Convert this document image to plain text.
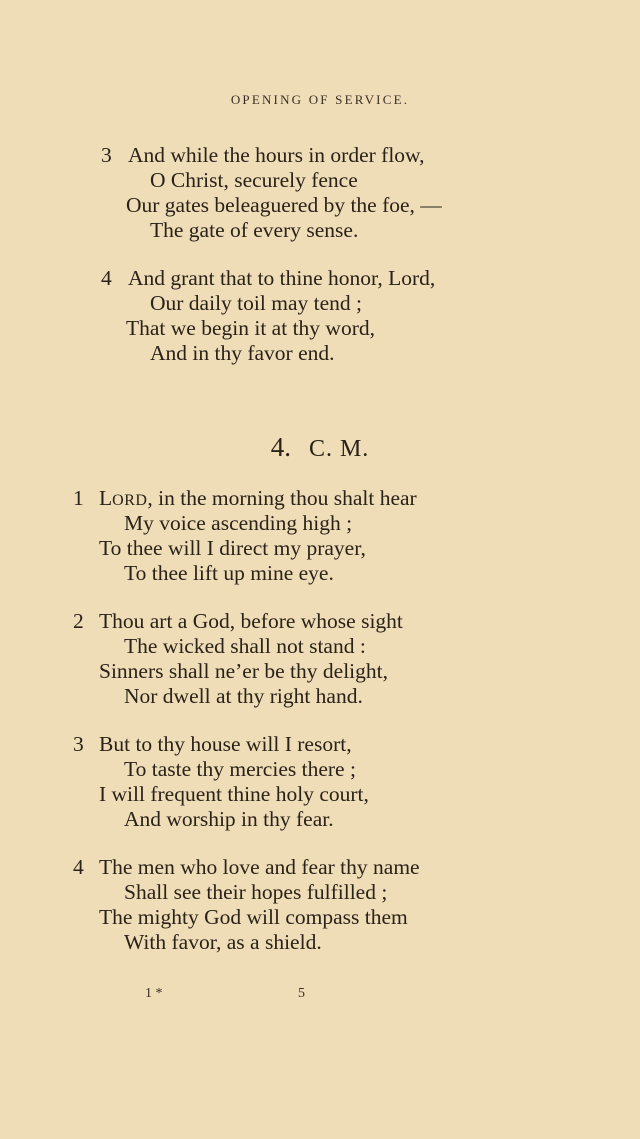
OPENING OF SERVICE.
3 And while the hours in order flow,
O Christ, securely fence
Our gates beleaguered by the foe, —
The gate of every sense.
4 And grant that to thine honor, Lord,
Our daily toil may tend ;
That we begin it at thy word,
And in thy favor end.
4. C. M.
1 LORD, in the morning thou shalt hear
My voice ascending high ;
To thee will I direct my prayer,
To thee lift up mine eye.
2 Thou art a God, before whose sight
The wicked shall not stand :
Sinners shall ne’er be thy delight,
Nor dwell at thy right hand.
3 But to thy house will I resort,
To taste thy mercies there ;
I will frequent thine holy court,
And worship in thy fear.
4 The men who love and fear thy name
Shall see their hopes fulfilled ;
The mighty God will compass them
With favor, as a shield.
1 *	5
